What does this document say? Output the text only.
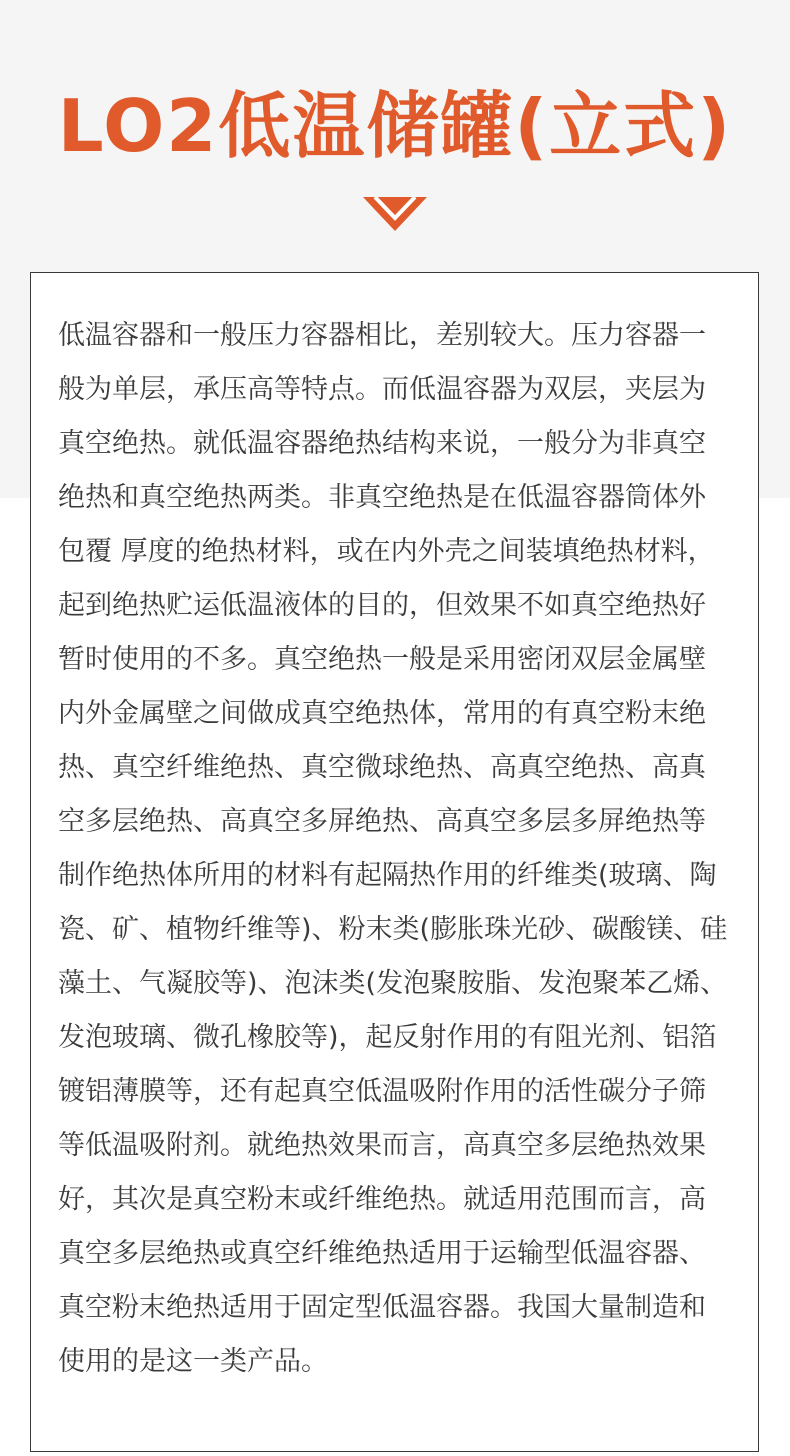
LO2低温储罐(立式)
低温容器和一般压力容器相比，差别较大。压力容器一
般为单层，承压高等特点。而低温容器为双层，夹层为
真空绝热。就低温容器绝热结构来说，一般分为非真空
绝热和真空绝热两类。非真空绝热是在低温容器筒体外
包覆 厚度的绝热材料，或在内外壳之间装填绝热材料，
起到绝热贮运低温液体的目的，但效果不如真空绝热好
暂时使用的不多。真空绝热一般是采用密闭双层金属壁
内外金属壁之间做成真空绝热体，常用的有真空粉末绝
热、真空纤维绝热、真空微球绝热、高真空绝热、高真
空多层绝热、高真空多屏绝热、高真空多层多屏绝热等
制作绝热体所用的材料有起隔热作用的纤维类(玻璃、陶
瓷、矿、植物纤维等)、粉末类(膨胀珠光砂、碳酸镁、硅
藻土、气凝胶等)、泡沫类(发泡聚胺脂、发泡聚苯乙烯、
发泡玻璃、微孔橡胶等)，起反射作用的有阻光剂、铝箔
镀铝薄膜等，还有起真空低温吸附作用的活性碳分子筛
等低温吸附剂。就绝热效果而言，高真空多层绝热效果
好，其次是真空粉末或纤维绝热。就适用范围而言，高
真空多层绝热或真空纤维绝热适用于运输型低温容器、
真空粉末绝热适用于固定型低温容器。我国大量制造和
使用的是这一类产品。
